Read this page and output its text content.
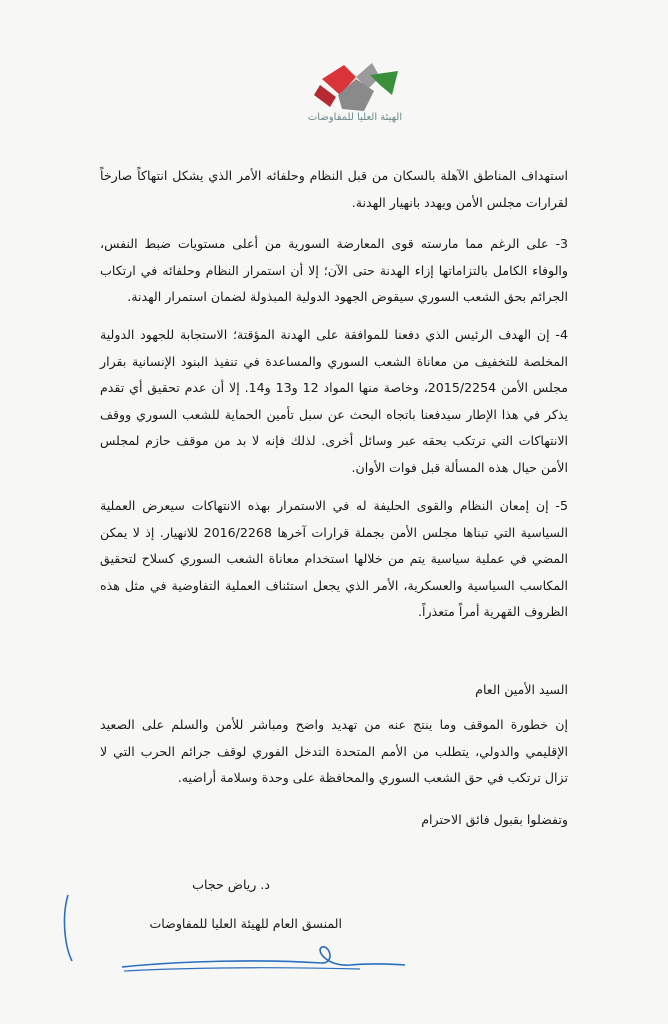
الهيئة العليا للمفاوضات

استهداف المناطق الآهلة بالسكان من قبل النظام وحلفائه الأمر الذي يشكل انتهاكاً صارخاً لقرارات مجلس الأمن ويهدد بانهيار الهدنة.

3- على الرغم مما مارسته قوى المعارضة السورية من أعلى مستويات ضبط النفس، والوفاء الكامل بالتزاماتها إزاء الهدنة حتى الآن؛ إلا أن استمرار النظام وحلفائه في ارتكاب الجرائم بحق الشعب السوري سيقوض الجهود الدولية المبذولة لضمان استمرار الهدنة.

4- إن الهدف الرئيس الذي دفعنا للموافقة على الهدنة المؤقتة؛ الاستجابة للجهود الدولية المخلصة للتخفيف من معاناة الشعب السوري والمساعدة في تنفيذ البنود الإنسانية بقرار مجلس الأمن 2015/2254، وخاصة منها المواد 12 و13 و14. إلا أن عدم تحقيق أي تقدم يذكر في هذا الإطار سيدفعنا باتجاه البحث عن سبل تأمين الحماية للشعب السوري ووقف الانتهاكات التي ترتكب بحقه عبر وسائل أخرى. لذلك فإنه لا بد من موقف حازم لمجلس الأمن حيال هذه المسألة قبل فوات الأوان.

5- إن إمعان النظام والقوى الحليفة له في الاستمرار بهذه الانتهاكات سيعرض العملية السياسية التي تبناها مجلس الأمن بجملة قرارات آخرها 2016/2268 للانهيار. إذ لا يمكن المضي في عملية سياسية يتم من خلالها استخدام معاناة الشعب السوري كسلاح لتحقيق المكاسب السياسية والعسكرية، الأمر الذي يجعل استئناف العملية التفاوضية في مثل هذه الظروف القهرية أمراً متعذراً.

السيد الأمين العام

إن خطورة الموقف وما ينتج عنه من تهديد واضح ومباشر للأمن والسلم على الصعيد الإقليمي والدولي، يتطلب من الأمم المتحدة التدخل الفوري لوقف جرائم الحرب التي لا تزال ترتكب في حق الشعب السوري والمحافظة على وحدة وسلامة أراضيه.

وتفضلوا بقبول فائق الاحترام
د. رياض حجاب
المنسق العام للهيئة العليا للمفاوضات
